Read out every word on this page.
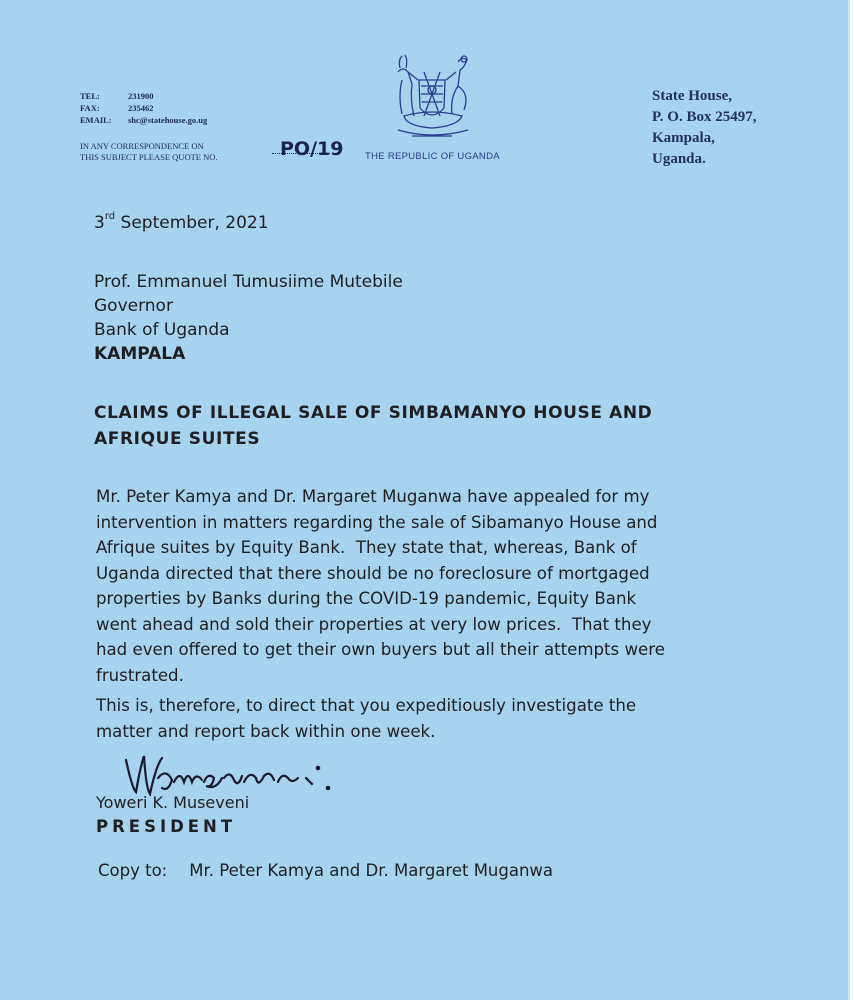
TEL:	231900
FAX:	235462
EMAIL:	shc@statehouse.go.ug
IN ANY CORRESPONDENCE ON
THIS SUBJECT PLEASE QUOTE NO.	PO/19 THE REPUBLIC OF UGANDA
State House,
P. O. Box 25497,
Kampala,
Uganda.
3rd September, 2021
Prof. Emmanuel Tumusiime Mutebile
Governor
Bank of Uganda
KAMPALA
CLAIMS OF ILLEGAL SALE OF SIMBAMANYO HOUSE AND
AFRIQUE SUITES
Mr. Peter Kamya and Dr. Margaret Muganwa have appealed for my
intervention in matters regarding the sale of Sibamanyo House and
Afrique suites by Equity Bank.  They state that, whereas, Bank of
Uganda directed that there should be no foreclosure of mortgaged
properties by Banks during the COVID-19 pandemic, Equity Bank
went ahead and sold their properties at very low prices.  That they
had even offered to get their own buyers but all their attempts were
frustrated.
This is, therefore, to direct that you expeditiously investigate the
matter and report back within one week.
Yoweri K. Museveni
PRESIDENT
Copy to: Mr. Peter Kamya and Dr. Margaret Muganwa
